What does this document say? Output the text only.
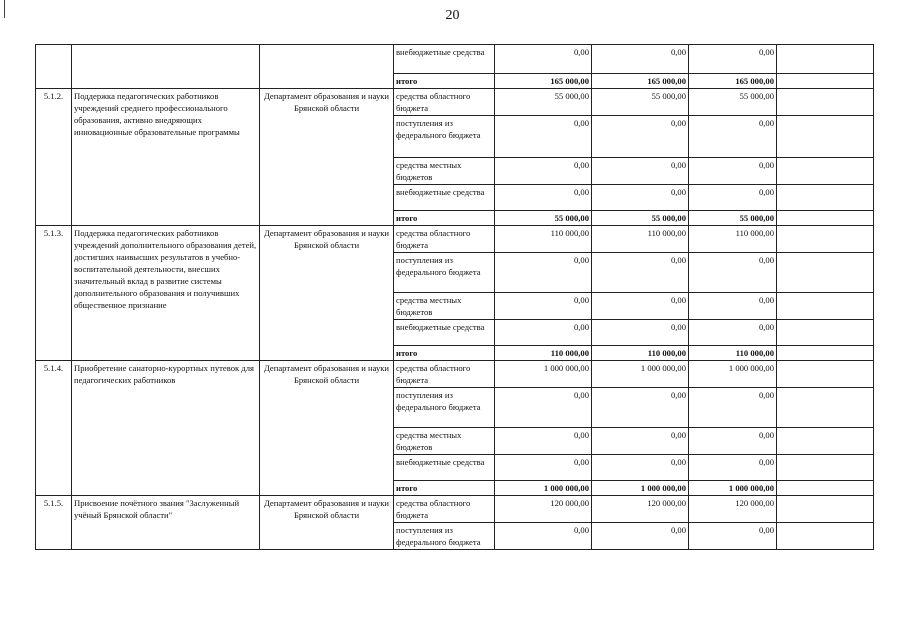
20
			внебюджетные средства	0,00	0,00	0,00	
			итого	165 000,00	165 000,00	165 000,00	
5.1.2.	Поддержка педагогических работников учреждений среднего профессионального образования, активно внедряющих инновационные образовательные программы	Департамент образования и науки Брянской области	средства областного бюджета	55 000,00	55 000,00	55 000,00	
			поступления из федерального бюджета	0,00	0,00	0,00	
			средства местных бюджетов	0,00	0,00	0,00	
			внебюджетные средства	0,00	0,00	0,00	
			итого	55 000,00	55 000,00	55 000,00	
5.1.3.	Поддержка педагогических работников учреждений дополнительного образования детей, достигших наивысших результатов в учебно-воспитательной деятельности, внесших значительный вклад в развитие системы дополнительного образования и получивших общественное признание	Департамент образования и науки Брянской области	средства областного бюджета	110 000,00	110 000,00	110 000,00	
			поступления из федерального бюджета	0,00	0,00	0,00	
			средства местных бюджетов	0,00	0,00	0,00	
			внебюджетные средства	0,00	0,00	0,00	
			итого	110 000,00	110 000,00	110 000,00	
5.1.4.	Приобретение санаторно-курортных путевок для педагогических работников	Департамент образования и науки Брянской области	средства областного бюджета	1 000 000,00	1 000 000,00	1 000 000,00	
			поступления из федерального бюджета	0,00	0,00	0,00	
			средства местных бюджетов	0,00	0,00	0,00	
			внебюджетные средства	0,00	0,00	0,00	
			итого	1 000 000,00	1 000 000,00	1 000 000,00	
5.1.5.	Присвоение почётного звания "Заслуженный учёный Брянской области"	Департамент образования и науки Брянской области	средства областного бюджета	120 000,00	120 000,00	120 000,00	
			поступления из федерального бюджета	0,00	0,00	0,00	
